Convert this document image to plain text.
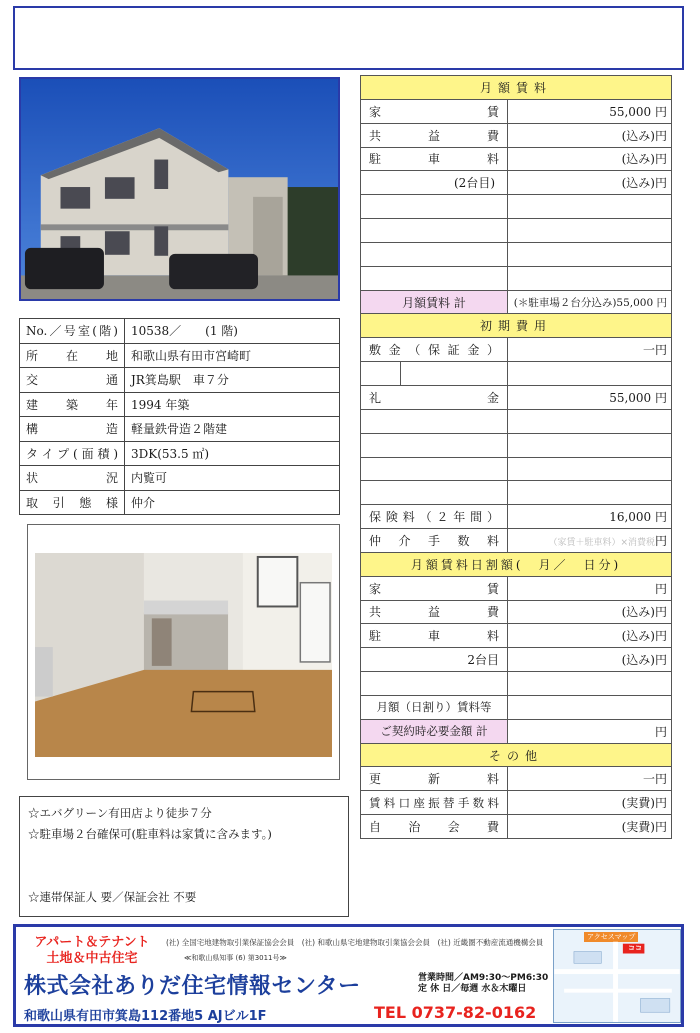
No.／号室(階)	10538／　　(1 階)
所在地	和歌山県有田市宮崎町
交通	JR箕島駅　車７分
建築年	1994 年築
構造	軽量鉄骨造２階建
タイプ(面積)	3DK(53.5 ㎡)
状況	内覧可
取引態様	仲介
月額賃料	
家賃	55,000 円
共益費	(込み)円
駐車料	(込み)円
(2台目)	(込み)円

月額賃料 計	(＊駐車場２台分込み)55,000 円
初期費用	
敷金（保証金）	一円

礼金	55,000 円

保険料（２年間）	16,000 円
仲介手数料	（家賃＋駐車料）×消費税円
月額賃料日割額(　月／　日分)	
家賃	円
共益費	(込み)円
駐車料	(込み)円
2台目	(込み)円

月額（日割り）賃料等	
ご契約時必要金額 計	円
その他	
更新料	一円
賃料口座振替手数料	(実費)円
自治会費	(実費)円
☆エバグリーン有田店より徒歩７分
☆駐車場２台確保可(駐車料は家賃に含みます。)
☆連帯保証人 要／保証会社 不要
アパート＆テナント
土地＆中古住宅
(社) 全国宅地建物取引業保証協会会員　(社) 和歌山県宅地建物取引業協会会員　(社) 近畿圏不動産流通機構会員
≪和歌山県知事 (6) 第3011号≫
株式会社ありだ住宅情報センター	営業時間／AM9:30～PM6:30
定 休 日／毎週 水＆木曜日
和歌山県有田市箕島112番地5 AJビル1F	TEL 0737-82-0162
アクセスマップ
ココ
